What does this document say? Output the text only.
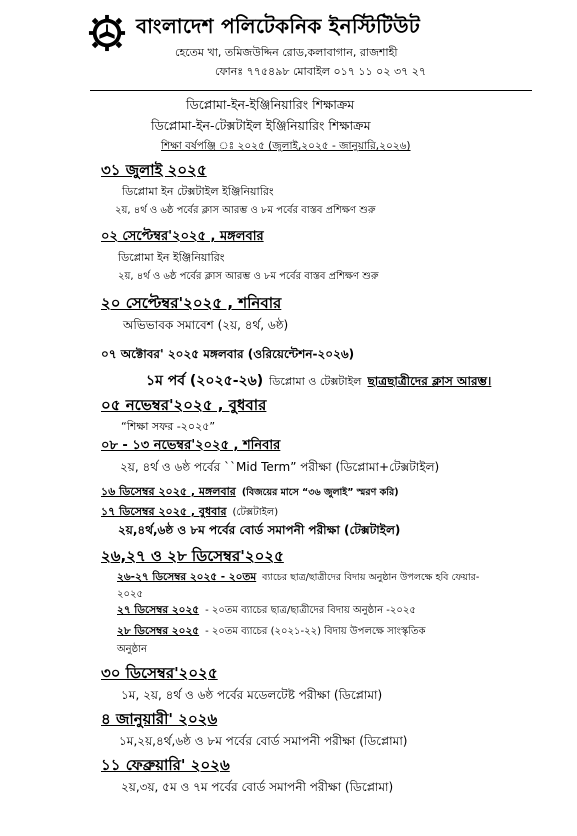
বাংলাদেশ পলিটেকনিক ইনস্টিটিউট
হেতেম খা, তমিজউদ্দিন রোড,কলাবাগান, রাজশাহী
ফোনঃ ৭৭৫৪৯৮ মোবাইল ০১৭ ১১ ০২ ৩৭ ২৭
ডিপ্লোমা-ইন-ইঞ্জিনিয়ারিং শিক্ষাক্রম
ডিপ্লোমা-ইন-টেক্সটাইল ইঞ্জিনিয়ারিং শিক্ষাক্রম
শিক্ষা বর্ষপঞ্জি ঃ ২০২৫ (জুলাই,২০২৫ - জানুয়ারি,২০২৬)
৩১ জুলাই ২০২৫
ডিপ্লোমা ইন টেক্সটাইল ইঞ্জিনিয়ারিং
২য়, ৪র্থ ও ৬ষ্ঠ পর্বের ক্লাস আরম্ভ ও ৮ম পর্বের বাস্তব প্রশিক্ষণ শুরু
০২ সেপ্টেম্বর'২০২৫ , মঙ্গলবার
ডিপ্লোমা ইন ইঞ্জিনিয়ারিং
২য়, ৪র্থ ও ৬ষ্ঠ পর্বের ক্লাস আরম্ভ ও ৮ম পর্বের বাস্তব প্রশিক্ষণ শুরু
২০ সেপ্টেম্বর'২০২৫ , শনিবার
অভিভাবক সমাবেশ (২য়, ৪র্থ, ৬ষ্ঠ)
০৭ অক্টোবর' ২০২৫ মঙ্গলবার (ওরিয়েন্টেশন-২০২৬)
১ম পর্ব (২০২৫-২৬) ডিপ্লোমা ও টেক্সটাইল ছাত্রছাত্রীদের ক্লাস আরম্ভ।
০৫ নভেম্বর'২০২৫ , বুধবার
“শিক্ষা সফর -২০২৫”
০৮ - ১৩ নভেম্বর'২০২৫ , শনিবার
২য়, ৪র্থ ও ৬ষ্ঠ পর্বের ``Mid Term” পরীক্ষা (ডিপ্লোমা+টেক্সটাইল)
১৬ ডিসেম্বর ২০২৫ , মঙ্গলবার (বিজয়ের মাসে “৩৬ জুলাই” স্মরণ করি)
১৭ ডিসেম্বর ২০২৫ , বুধবার (টেক্সটাইল)
২য়,৪র্থ,৬ষ্ঠ ও ৮ম পর্বের বোর্ড সমাপনী পরীক্ষা (টেক্সটাইল)
২৬,২৭ ও ২৮ ডিসেম্বর'২০২৫
২৬-২৭ ডিসেম্বর ২০২৫ - ২০তম ব্যাচের ছাত্র/ছাত্রীদের বিদায় অনুষ্ঠান উপলক্ষে হবি ফেয়ার-
২০২৫
২৭ ডিসেম্বর ২০২৫ - ২০তম ব্যাচের ছাত্র/ছাত্রীদের বিদায় অনুষ্ঠান -২০২৫
২৮ ডিসেম্বর ২০২৫ - ২০তম ব্যাচের (২০২১-২২) বিদায় উপলক্ষে সাংস্কৃতিক
অনুষ্ঠান
৩০ ডিসেম্বর'২০২৫
১ম, ২য়, ৪র্থ ও ৬ষ্ঠ পর্বের মডেলটেষ্ট পরীক্ষা (ডিপ্লোমা)
৪ জানুয়ারী' ২০২৬
১ম,২য়,৪র্থ,৬ষ্ঠ ও ৮ম পর্বের বোর্ড সমাপনী পরীক্ষা (ডিপ্লোমা)
১১ ফেব্রুয়ারি' ২০২৬
২য়,৩য়, ৫ম ও ৭ম পর্বের বোর্ড সমাপনী পরীক্ষা (ডিপ্লোমা)
